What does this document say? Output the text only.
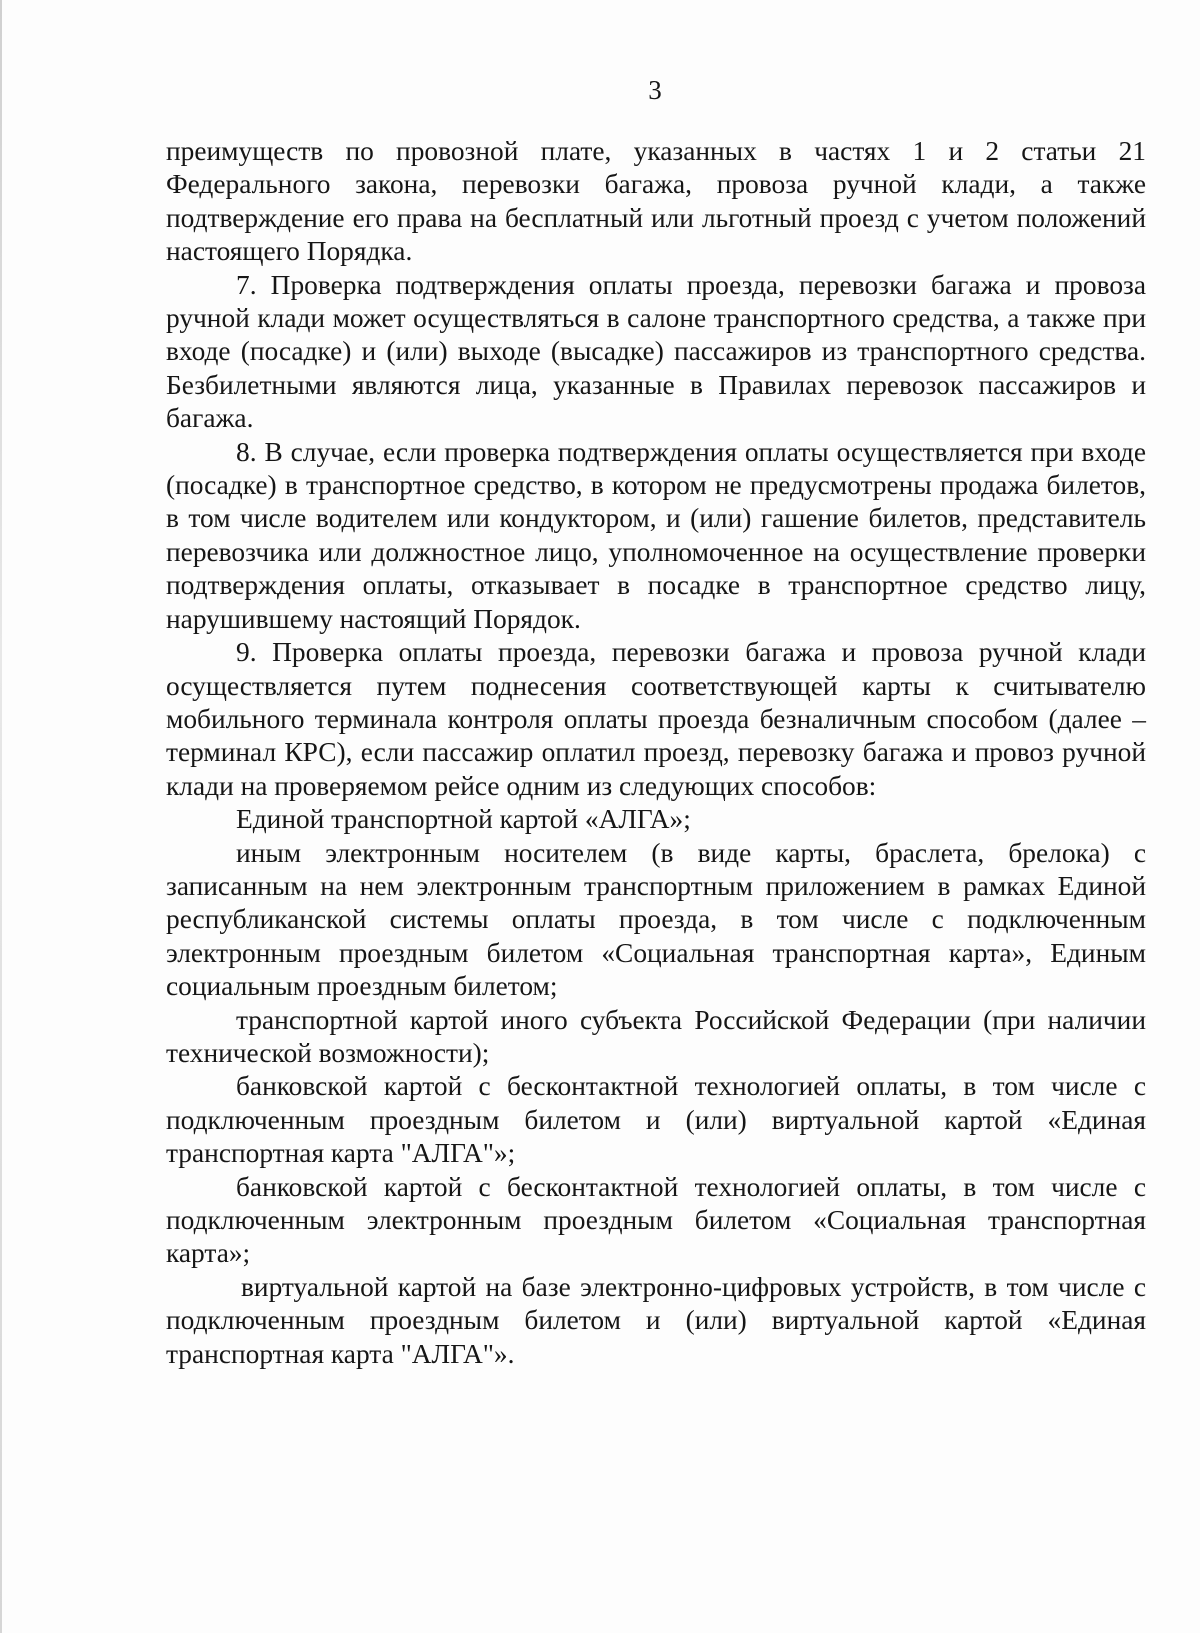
3

преимуществ по провозной плате, указанных в частях 1 и 2 статьи 21 Федерального закона, перевозки багажа, провоза ручной клади, а также подтверждение его права на бесплатный или льготный проезд с учетом положений настоящего Порядка.

7. Проверка подтверждения оплаты проезда, перевозки багажа и провоза ручной клади может осуществляться в салоне транспортного средства, а также при входе (посадке) и (или) выходе (высадке) пассажиров из транспортного средства. Безбилетными являются лица, указанные в Правилах перевозок пассажиров и багажа.

8. В случае, если проверка подтверждения оплаты осуществляется при входе (посадке) в транспортное средство, в котором не предусмотрены продажа билетов, в том числе водителем или кондуктором, и (или) гашение билетов, представитель перевозчика или должностное лицо, уполномоченное на осуществление проверки подтверждения оплаты, отказывает в посадке в транспортное средство лицу, нарушившему настоящий Порядок.

9. Проверка оплаты проезда, перевозки багажа и провоза ручной клади осуществляется путем поднесения соответствующей карты к считывателю мобильного терминала контроля оплаты проезда безналичным способом (далее – терминал КРС), если пассажир оплатил проезд, перевозку багажа и провоз ручной клади на проверяемом рейсе одним из следующих способов:

Единой транспортной картой «АЛГА»;

иным электронным носителем (в виде карты, браслета, брелока) с записанным на нем электронным транспортным приложением в рамках Единой республиканской системы оплаты проезда, в том числе с подключенным электронным проездным билетом «Социальная транспортная карта», Единым социальным проездным билетом;

транспортной картой иного субъекта Российской Федерации (при наличии технической возможности);

банковской картой с бесконтактной технологией оплаты, в том числе с подключенным проездным билетом и (или) виртуальной картой «Единая транспортная карта "АЛГА"»;

банковской картой с бесконтактной технологией оплаты, в том числе с подключенным электронным проездным билетом «Социальная транспортная карта»;

виртуальной картой на базе электронно-цифровых устройств, в том числе с подключенным проездным билетом и (или) виртуальной картой «Единая транспортная карта "АЛГА"».
